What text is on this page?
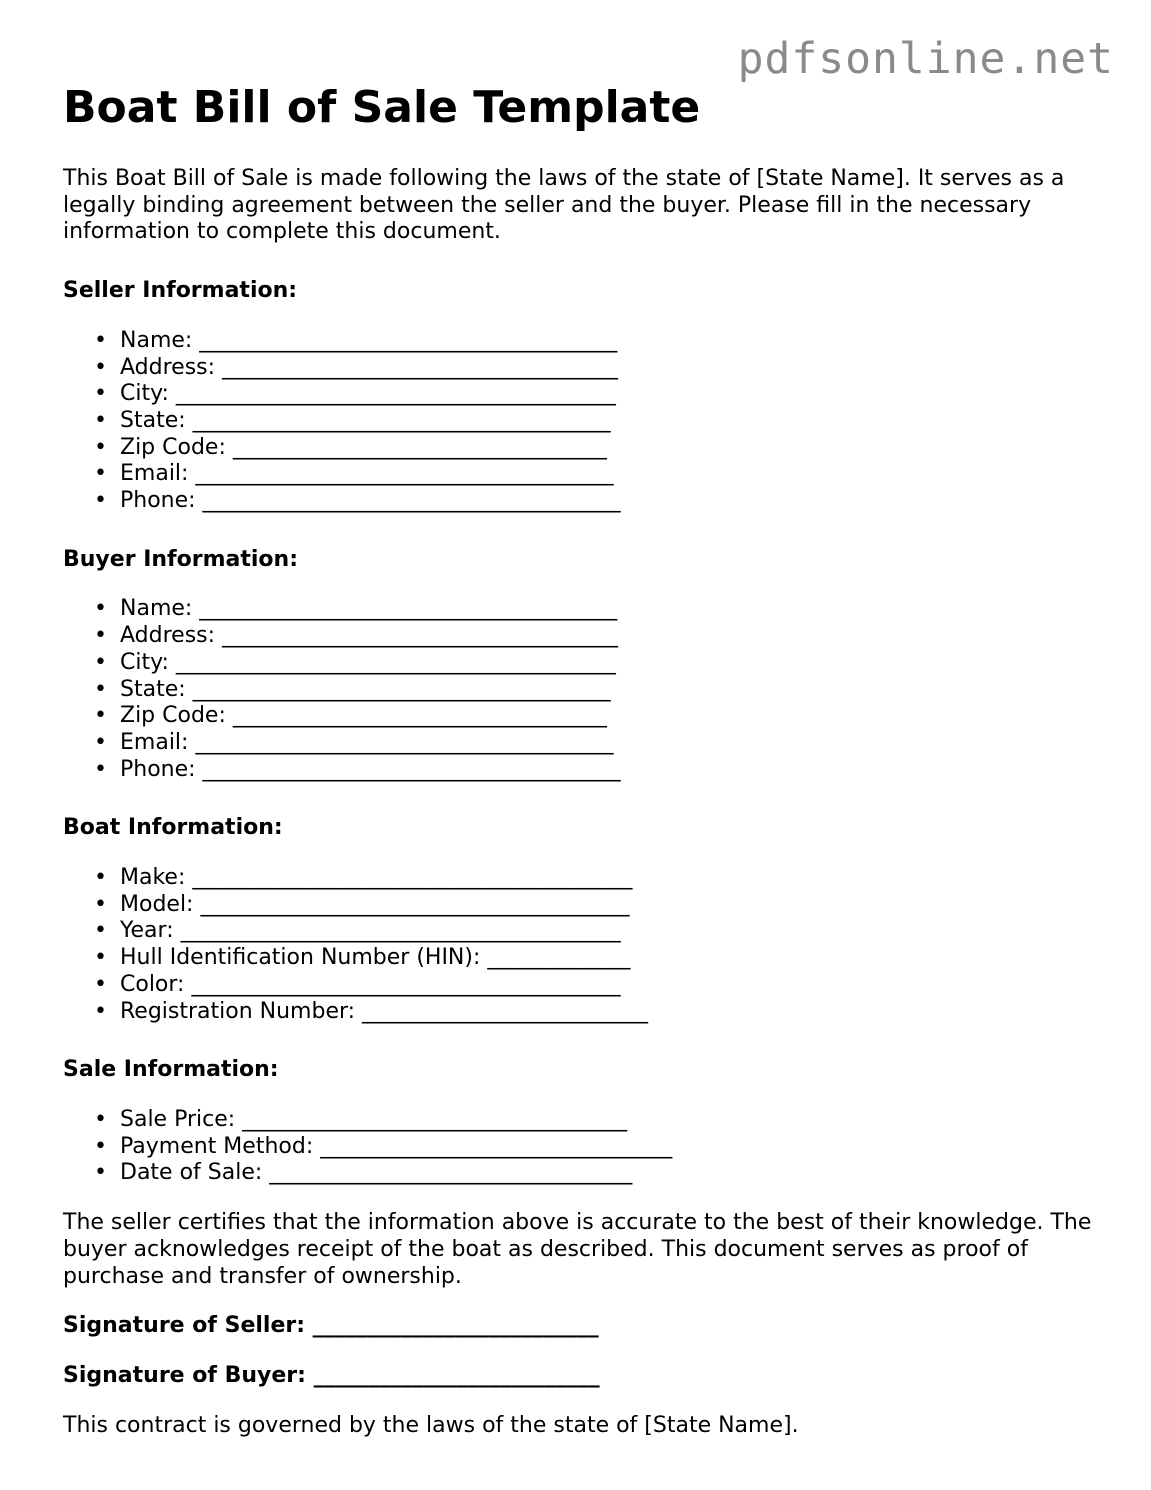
pdfsonline.net
Boat Bill of Sale Template

This Boat Bill of Sale is made following the laws of the state of [State Name]. It serves as a legally binding agreement between the seller and the buyer. Please fill in the necessary information to complete this document.

Seller Information:
• Name: ______________________________________
• Address: ____________________________________
• City: ________________________________________
• State: ______________________________________
• Zip Code: __________________________________
• Email: ______________________________________
• Phone: ______________________________________
Buyer Information:
• Name: ______________________________________
• Address: ____________________________________
• City: ________________________________________
• State: ______________________________________
• Zip Code: __________________________________
• Email: ______________________________________
• Phone: ______________________________________
Boat Information:
• Make: ________________________________________
• Model: _______________________________________
• Year: ________________________________________
• Hull Identification Number (HIN): _____________
• Color: _______________________________________
• Registration Number: __________________________
Sale Information:
• Sale Price: ___________________________________
• Payment Method: ________________________________
• Date of Sale: _________________________________

The seller certifies that the information above is accurate to the best of their knowledge. The buyer acknowledges receipt of the boat as described. This document serves as proof of purchase and transfer of ownership.

Signature of Seller: __________________________
Signature of Buyer: __________________________

This contract is governed by the laws of the state of [State Name].
